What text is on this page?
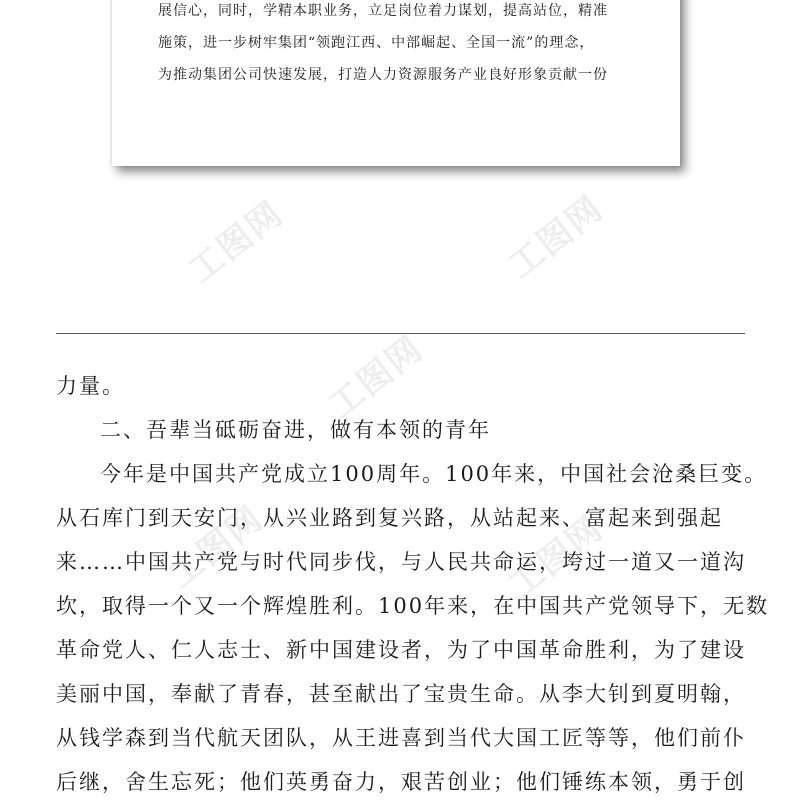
展信心，同时，学精本职业务，立足岗位着力谋划，提高站位，精准
施策，进一步树牢集团“领跑江西、中部崛起、全国一流”的理念，
为推动集团公司快速发展，打造人力资源服务产业良好形象贡献一份
工图网	工图网
工图网
工图网	工图网
力量。
二、吾辈当砥砺奋进，做有本领的青年
今年是中国共产党成立100周年。100年来，中国社会沧桑巨变。
从石库门到天安门，从兴业路到复兴路，从站起来、富起来到强起
来……中国共产党与时代同步伐，与人民共命运，垮过一道又一道沟
坎，取得一个又一个辉煌胜利。100年来，在中国共产党领导下，无数
革命党人、仁人志士、新中国建设者，为了中国革命胜利，为了建设
美丽中国，奉献了青春，甚至献出了宝贵生命。从李大钊到夏明翰，
从钱学森到当代航天团队，从王进喜到当代大国工匠等等，他们前仆
后继，舍生忘死；他们英勇奋力，艰苦创业；他们锤练本领，勇于创
